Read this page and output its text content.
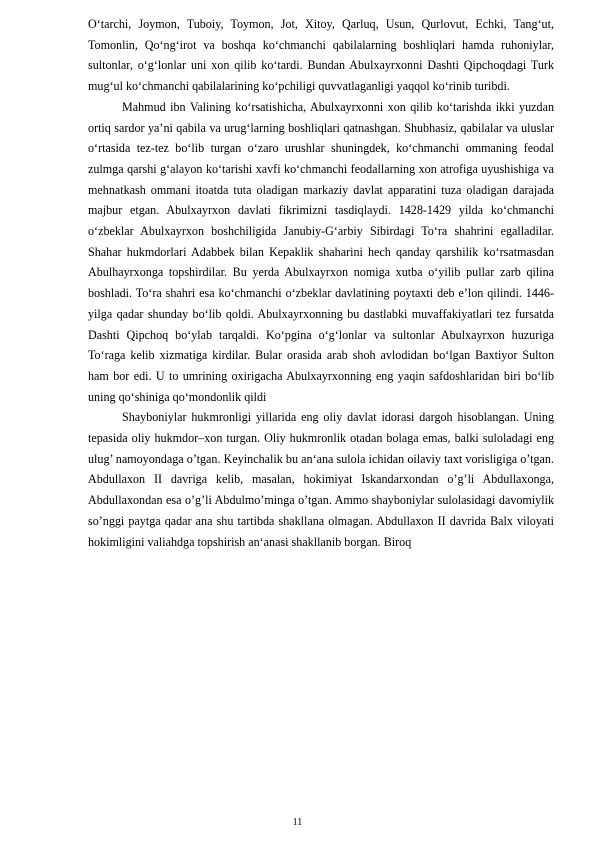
O‘tarchi, Joymon, Tuboiy, Toymon, Jot, Xitoy, Qarluq, Usun, Qurlovut, Echki, Tang‘ut, Tomonlin, Qo‘ng‘irot va boshqa ko‘chmanchi qabilalarning boshliqlari hamda ruhoniylar, sultonlar, o‘g‘lonlar uni xon qilib ko‘tardi. Bundan Abulxayrxonni Dashti Qipchoqdagi Turk mug‘ul ko‘chmanchi qabilalarining ko‘pchiligi quvvatlaganligi yaqqol ko‘rinib turibdi.

Mahmud ibn Valining ko‘rsatishicha, Abulxayrxonni xon qilib ko‘tarishda ikki yuzdan ortiq sardor ya’ni qabila va urug‘larning boshliqlari qatnashgan. Shubhasiz, qabilalar va uluslar o‘rtasida tez-tez bo‘lib turgan o‘zaro urushlar shuningdek, ko‘chmanchi ommaning feodal zulmga qarshi g‘alayon ko‘tarishi xavfi ko‘chmanchi feodallarning xon atrofiga uyushishiga va mehnatkash ommani itoatda tuta oladigan markaziy davlat apparatini tuza oladigan darajada majbur etgan. Abulxayrxon davlati fikrimizni tasdiqlaydi. 1428-1429 yilda ko‘chmanchi o‘zbeklar Abulxayrxon boshchiligida Janubiy-G‘arbiy Sibirdagi To‘ra shahrini egalladilar. Shahar hukmdorlari Adabbek bilan Kepaklik shaharini hech qanday qarshilik ko‘rsatmasdan Abulhayrxonga topshirdilar. Bu yerda Abulxayrxon nomiga xutba o‘yilib pullar zarb qilina boshladi. To‘ra shahri esa ko‘chmanchi o‘zbeklar davlatining poytaxti deb e’lon qilindi. 1446-yilga qadar shunday bo‘lib qoldi. Abulxayrxonning bu dastlabki muvaffakiyatlari tez fursatda Dashti Qipchoq bo‘ylab tarqaldi. Ko‘pgina o‘g‘lonlar va sultonlar Abulxayrxon huzuriga To‘raga kelib xizmatiga kirdilar. Bular orasida arab shoh avlodidan bo‘lgan Baxtiyor Sulton ham bor edi. U to umrining oxirigacha Abulxayrxonning eng yaqin safdoshlaridan biri bo‘lib uning qo‘shiniga qo‘mondonlik qildi

Shayboniylar hukmronligi yillarida eng oliy davlat idorasi dargoh hisoblangan. Uning tepasida oliy hukmdor–xon turgan. Oliy hukmronlik otadan bolaga emas, balki suloladagi eng ulug’ namoyondaga o’tgan. Keyinchalik bu an‘ana sulola ichidan oilaviy taxt vorisligiga o’tgan. Abdullaxon II davriga kelib, masalan, hokimiyat Iskandarxondan o’g’li Abdullaxonga, Abdullaxondan esa o’g’li Abdulmo’minga o’tgan. Ammo shayboniylar sulolasidagi davomiylik so’nggi paytga qadar ana shu tartibda shakllana olmagan. Abdullaxon II davrida Balx viloyati hokimligini valiahdga topshirish an‘anasi shakllanib borgan. Biroq

11
